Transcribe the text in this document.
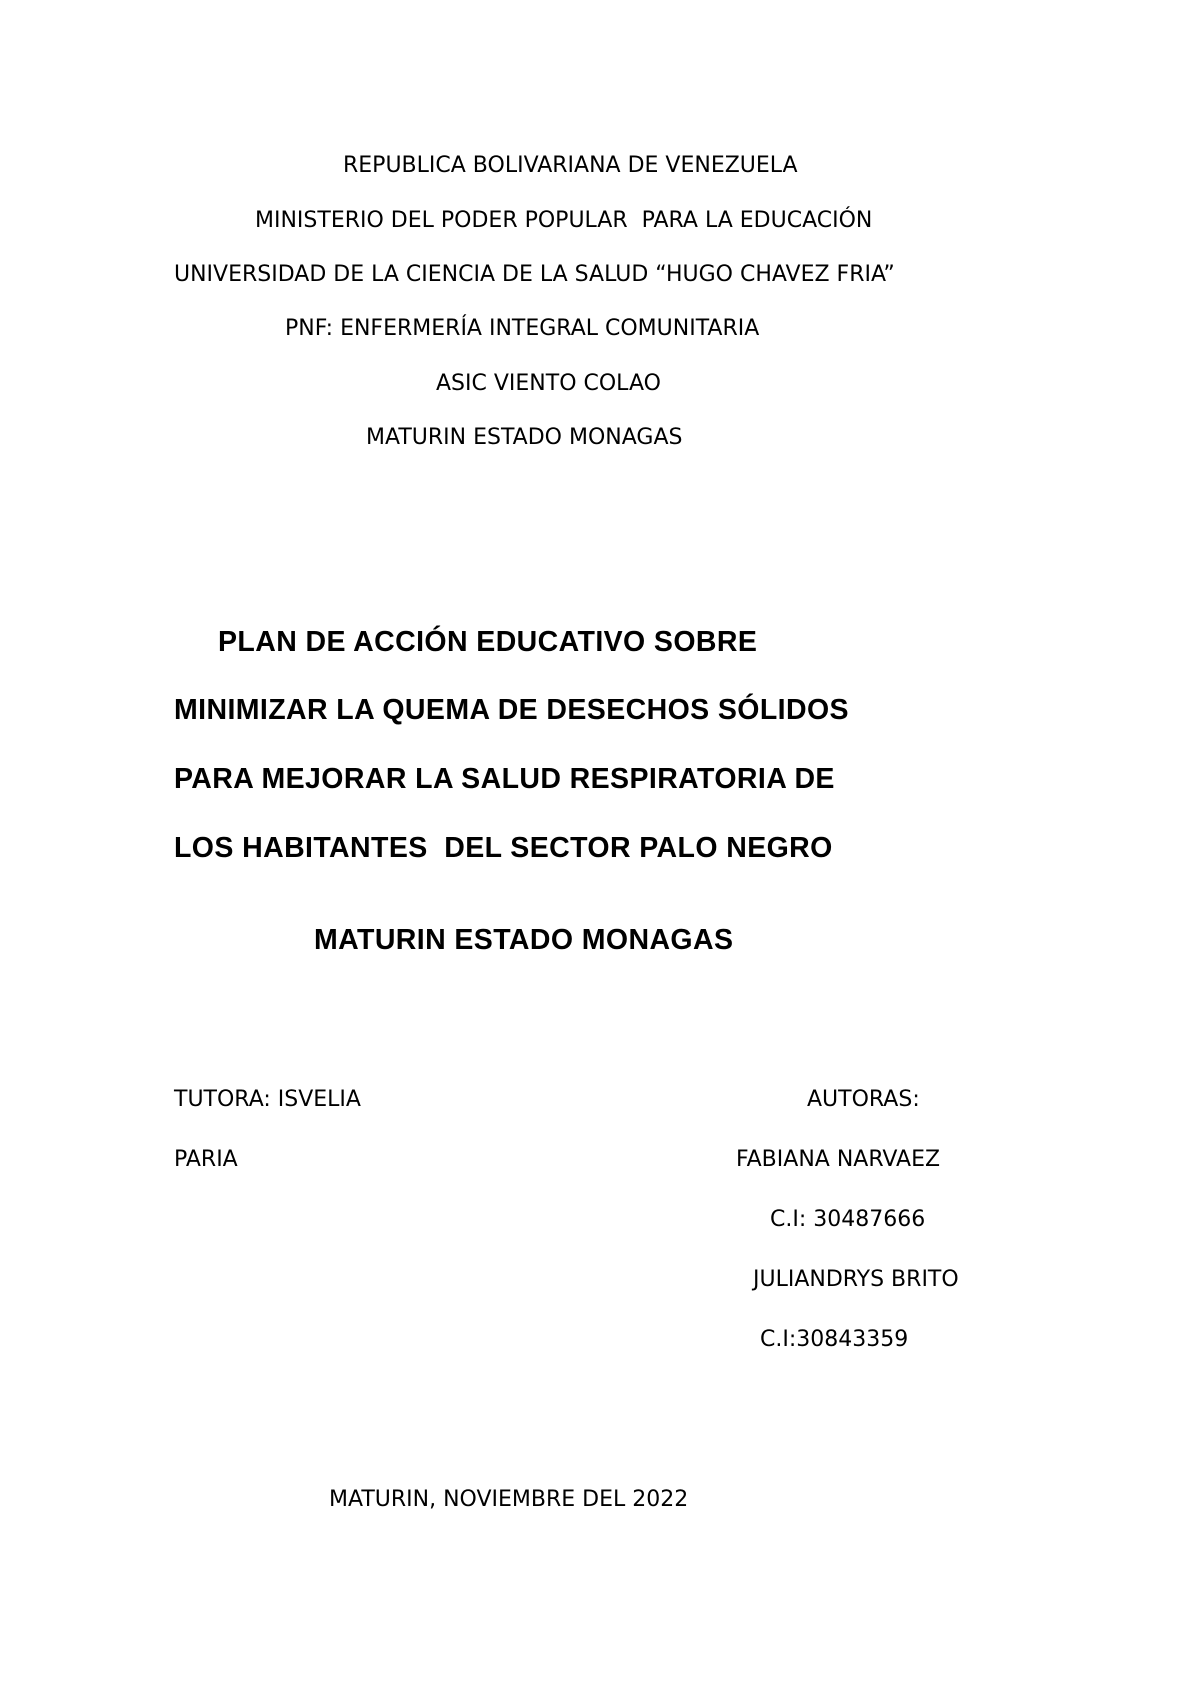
REPUBLICA BOLIVARIANA DE VENEZUELA

MINISTERIO DEL PODER POPULAR  PARA LA EDUCACIÓN

UNIVERSIDAD DE LA CIENCIA DE LA SALUD “HUGO CHAVEZ FRIA”

PNF: ENFERMERÍA INTEGRAL COMUNITARIA

ASIC VIENTO COLAO

MATURIN ESTADO MONAGAS

PLAN DE ACCIÓN EDUCATIVO SOBRE

MINIMIZAR LA QUEMA DE DESECHOS SÓLIDOS

PARA MEJORAR LA SALUD RESPIRATORIA DE

LOS HABITANTES  DEL SECTOR PALO NEGRO

MATURIN ESTADO MONAGAS

TUTORA: ISVELIA

PARIA

AUTORAS:

FABIANA NARVAEZ

C.I: 30487666

JULIANDRYS BRITO

C.I:30843359

MATURIN, NOVIEMBRE DEL 2022
